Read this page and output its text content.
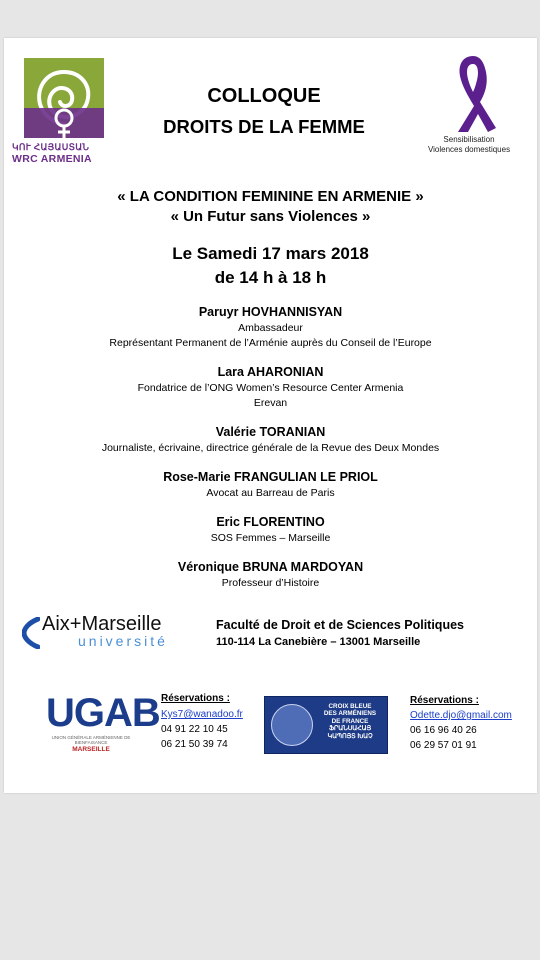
ԿՈՒ ՀԱՅԱՍՏԱՆ
WRC ARMENIA
COLLOQUE
DROITS DE LA FEMME
Sensibilisation
Violences domestiques
« LA CONDITION FEMININE EN ARMENIE »
« Un Futur sans Violences »
Le Samedi 17 mars 2018
de 14 h à 18 h
Paruyr HOVHANNISYAN
Ambassadeur
Représentant Permanent de l’Arménie auprès du Conseil de l’Europe
Lara AHARONIAN
Fondatrice de l’ONG Women’s Resource Center Armenia
Erevan
Valérie TORANIAN
Journaliste, écrivaine, directrice générale de la Revue des Deux Mondes
Rose-Marie FRANGULIAN LE PRIOL
Avocat au Barreau de Paris
Eric FLORENTINO
SOS Femmes – Marseille
Véronique BRUNA MARDOYAN
Professeur d’Histoire
Aix+Marseille
université
Faculté de Droit et de Sciences Politiques
110-114 La Canebière – 13001 Marseille
UGAB
UNION GÉNÉRALE ARMÉNIENNE DE BIENFAISANCE
MARSEILLE
Réservations :
Kys7@wanadoo.fr
04 91 22 10 45
06 21 50 39 74
CROIX BLEUE
DES ARMÉNIENS
DE FRANCE
ՖՐԱՆՍԱՀԱՅ
ԿԱՊՈՅՏ ԽԱՉ
Réservations :
Odette.djo@gmail.com
06 16 96 40 26
06 29 57 01 91
